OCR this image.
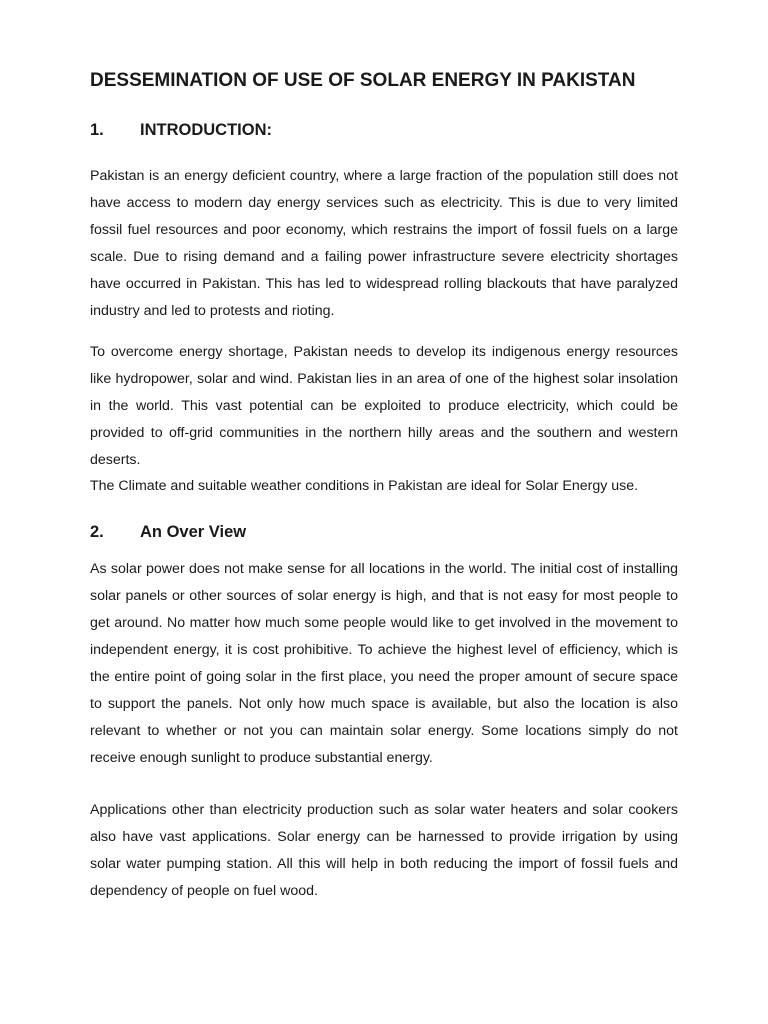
DESSEMINATION OF USE OF SOLAR ENERGY IN PAKISTAN
1. INTRODUCTION:

Pakistan is an energy deficient country, where a large fraction of the population still does not have access to modern day energy services such as electricity. This is due to very limited fossil fuel resources and poor economy, which restrains the import of fossil fuels on a large scale. Due to rising demand and a failing power infrastructure severe electricity shortages have occurred in Pakistan. This has led to widespread rolling blackouts that have paralyzed industry and led to protests and rioting.

To overcome energy shortage, Pakistan needs to develop its indigenous energy resources like hydropower, solar and wind. Pakistan lies in an area of one of the highest solar insolation in the world. This vast potential can be exploited to produce electricity, which could be provided to off-grid communities in the northern hilly areas and the southern and western deserts.

The Climate and suitable weather conditions in Pakistan are ideal for Solar Energy use.

2. An Over View

As solar power does not make sense for all locations in the world. The initial cost of installing solar panels or other sources of solar energy is high, and that is not easy for most people to get around. No matter how much some people would like to get involved in the movement to independent energy, it is cost prohibitive. To achieve the highest level of efficiency, which is the entire point of going solar in the first place, you need the proper amount of secure space to support the panels. Not only how much space is available, but also the location is also relevant to whether or not you can maintain solar energy. Some locations simply do not receive enough sunlight to produce substantial energy.

Applications other than electricity production such as solar water heaters and solar cookers also have vast applications. Solar energy can be harnessed to provide irrigation by using solar water pumping station. All this will help in both reducing the import of fossil fuels and dependency of people on fuel wood.
